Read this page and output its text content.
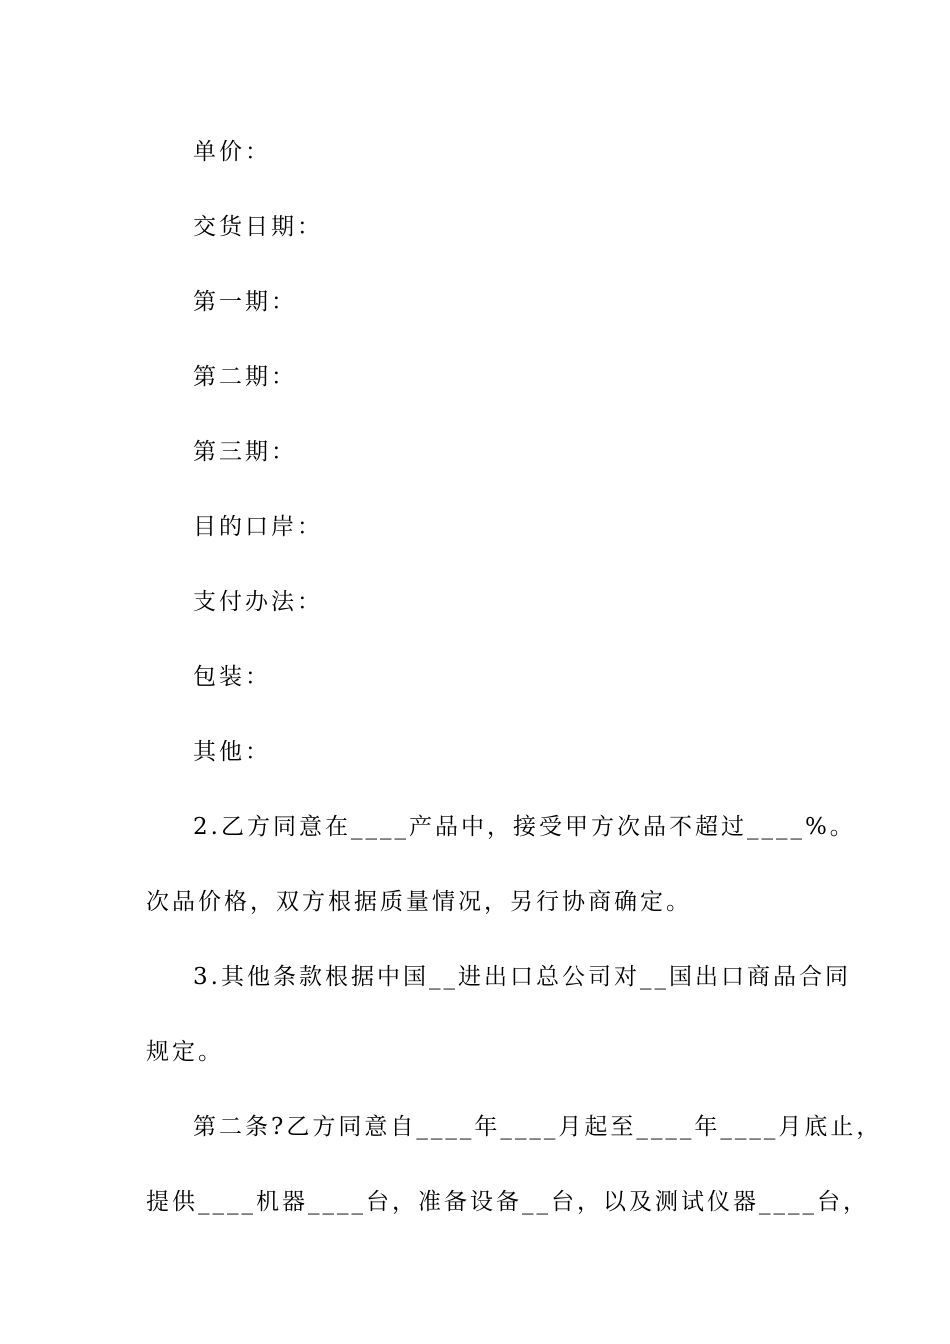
单价：
交货日期：
第一期：
第二期：
第三期：
目的口岸：
支付办法：
包装：
其他：
2.乙方同意在____产品中，接受甲方次品不超过____%。
次品价格，双方根据质量情况，另行协商确定。
3.其他条款根据中国__进出口总公司对__国出口商品合同
规定。
第二条?乙方同意自____年____月起至____年____月底止，
提供____机器____台，准备设备__台，以及测试仪器____台，
